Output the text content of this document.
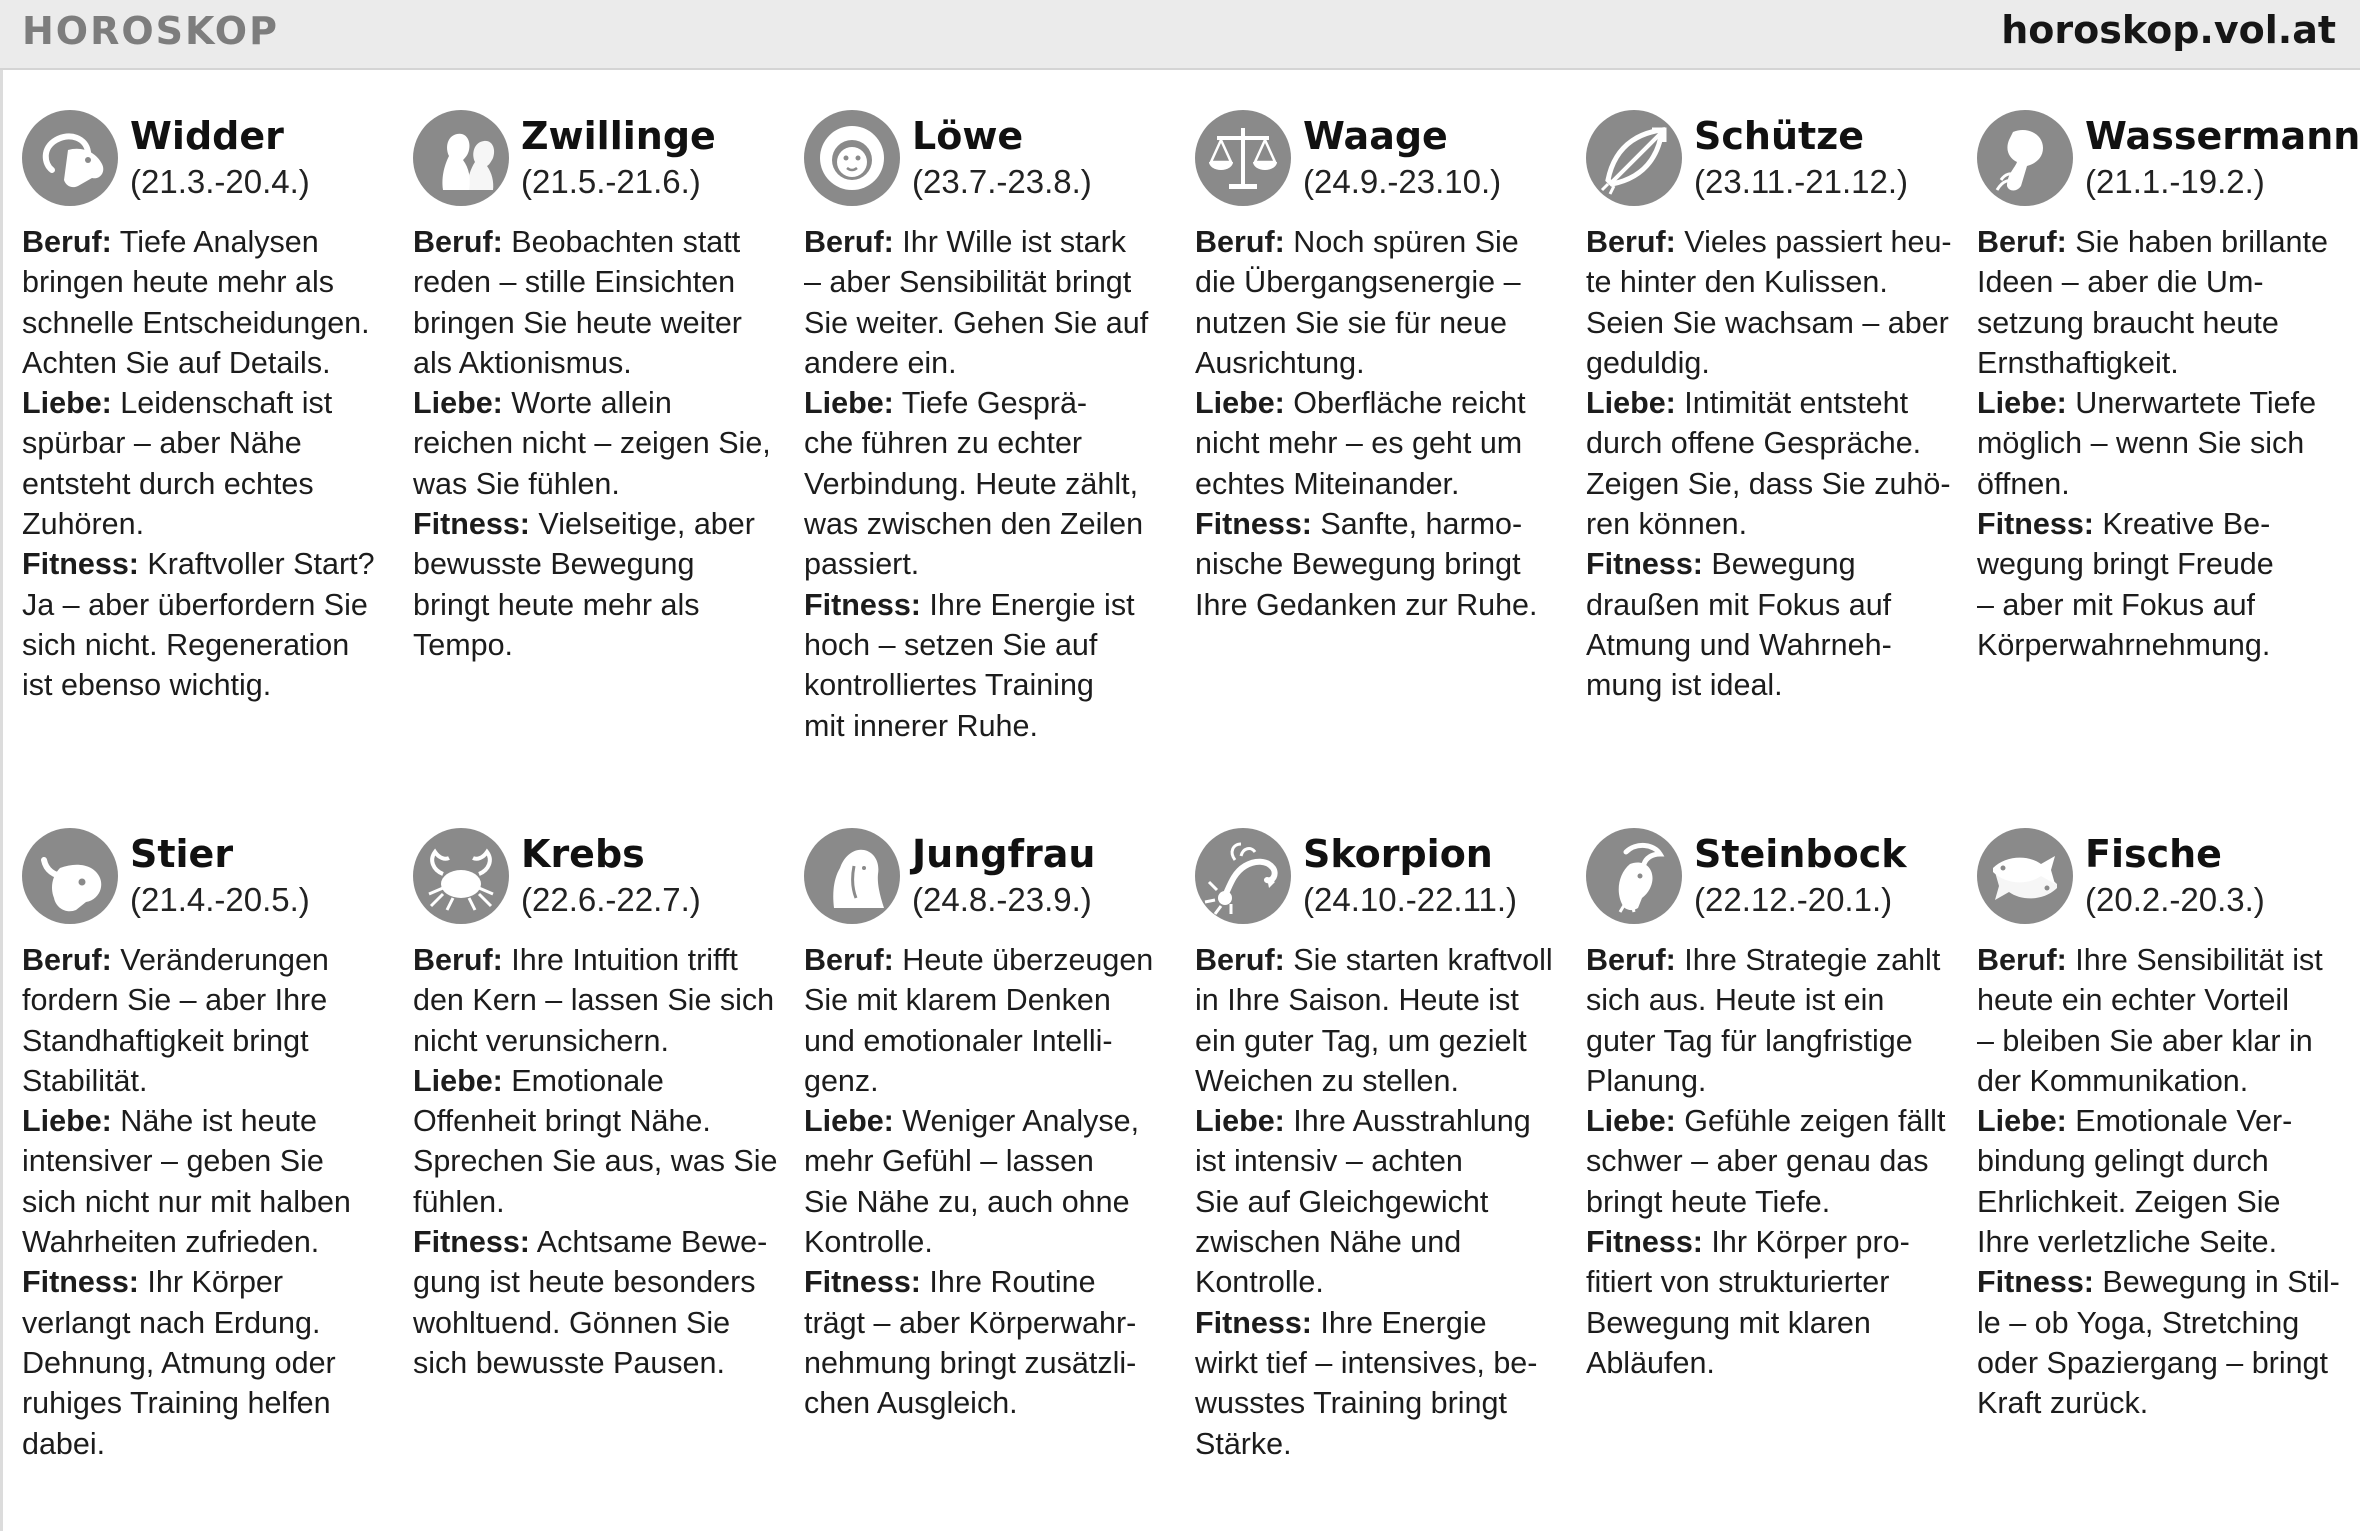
HOROSKOP	horoskop.vol.at
Widder
(21.3.-20.4.)
Beruf: Tiefe Analysen
bringen heute mehr als
schnelle Entscheidungen.
Achten Sie auf Details.
Liebe: Leidenschaft ist
spürbar – aber Nähe
entsteht durch echtes
Zuhören.
Fitness: Kraftvoller Start?
Ja – aber überfordern Sie
sich nicht. Regeneration
ist ebenso wichtig.
Zwillinge
(21.5.-21.6.)
Beruf: Beobachten statt
reden – stille Einsichten
bringen Sie heute weiter
als Aktionismus.
Liebe: Worte allein
reichen nicht – zeigen Sie,
was Sie fühlen.
Fitness: Vielseitige, aber
bewusste Bewegung
bringt heute mehr als
Tempo.
Löwe
(23.7.-23.8.)
Beruf: Ihr Wille ist stark
– aber Sensibilität bringt
Sie weiter. Gehen Sie auf
andere ein.
Liebe: Tiefe Gesprä-
che führen zu echter
Verbindung. Heute zählt,
was zwischen den Zeilen
passiert.
Fitness: Ihre Energie ist
hoch – setzen Sie auf
kontrolliertes Training
mit innerer Ruhe.
Waage
(24.9.-23.10.)
Beruf: Noch spüren Sie
die Übergangsenergie –
nutzen Sie sie für neue
Ausrichtung.
Liebe: Oberfläche reicht
nicht mehr – es geht um
echtes Miteinander.
Fitness: Sanfte, harmo-
nische Bewegung bringt
Ihre Gedanken zur Ruhe.
Schütze
(23.11.-21.12.)
Beruf: Vieles passiert heu-
te hinter den Kulissen.
Seien Sie wachsam – aber
geduldig.
Liebe: Intimität entsteht
durch offene Gespräche.
Zeigen Sie, dass Sie zuhö-
ren können.
Fitness: Bewegung
draußen mit Fokus auf
Atmung und Wahrneh-
mung ist ideal.
Wassermann
(21.1.-19.2.)
Beruf: Sie haben brillante
Ideen – aber die Um-
setzung braucht heute
Ernsthaftigkeit.
Liebe: Unerwartete Tiefe
möglich – wenn Sie sich
öffnen.
Fitness: Kreative Be-
wegung bringt Freude
– aber mit Fokus auf
Körperwahrnehmung.
Stier
(21.4.-20.5.)
Beruf: Veränderungen
fordern Sie – aber Ihre
Standhaftigkeit bringt
Stabilität.
Liebe: Nähe ist heute
intensiver – geben Sie
sich nicht nur mit halben
Wahrheiten zufrieden.
Fitness: Ihr Körper
verlangt nach Erdung.
Dehnung, Atmung oder
ruhiges Training helfen
dabei.
Krebs
(22.6.-22.7.)
Beruf: Ihre Intuition trifft
den Kern – lassen Sie sich
nicht verunsichern.
Liebe: Emotionale
Offenheit bringt Nähe.
Sprechen Sie aus, was Sie
fühlen.
Fitness: Achtsame Bewe-
gung ist heute besonders
wohltuend. Gönnen Sie
sich bewusste Pausen.
Jungfrau
(24.8.-23.9.)
Beruf: Heute überzeugen
Sie mit klarem Denken
und emotionaler Intelli-
genz.
Liebe: Weniger Analyse,
mehr Gefühl – lassen
Sie Nähe zu, auch ohne
Kontrolle.
Fitness: Ihre Routine
trägt – aber Körperwahr-
nehmung bringt zusätzli-
chen Ausgleich.
Skorpion
(24.10.-22.11.)
Beruf: Sie starten kraftvoll
in Ihre Saison. Heute ist
ein guter Tag, um gezielt
Weichen zu stellen.
Liebe: Ihre Ausstrahlung
ist intensiv – achten
Sie auf Gleichgewicht
zwischen Nähe und
Kontrolle.
Fitness: Ihre Energie
wirkt tief – intensives, be-
wusstes Training bringt
Stärke.
Steinbock
(22.12.-20.1.)
Beruf: Ihre Strategie zahlt
sich aus. Heute ist ein
guter Tag für langfristige
Planung.
Liebe: Gefühle zeigen fällt
schwer – aber genau das
bringt heute Tiefe.
Fitness: Ihr Körper pro-
fitiert von strukturierter
Bewegung mit klaren
Abläufen.
Fische
(20.2.-20.3.)
Beruf: Ihre Sensibilität ist
heute ein echter Vorteil
– bleiben Sie aber klar in
der Kommunikation.
Liebe: Emotionale Ver-
bindung gelingt durch
Ehrlichkeit. Zeigen Sie
Ihre verletzliche Seite.
Fitness: Bewegung in Stil-
le – ob Yoga, Stretching
oder Spaziergang – bringt
Kraft zurück.
